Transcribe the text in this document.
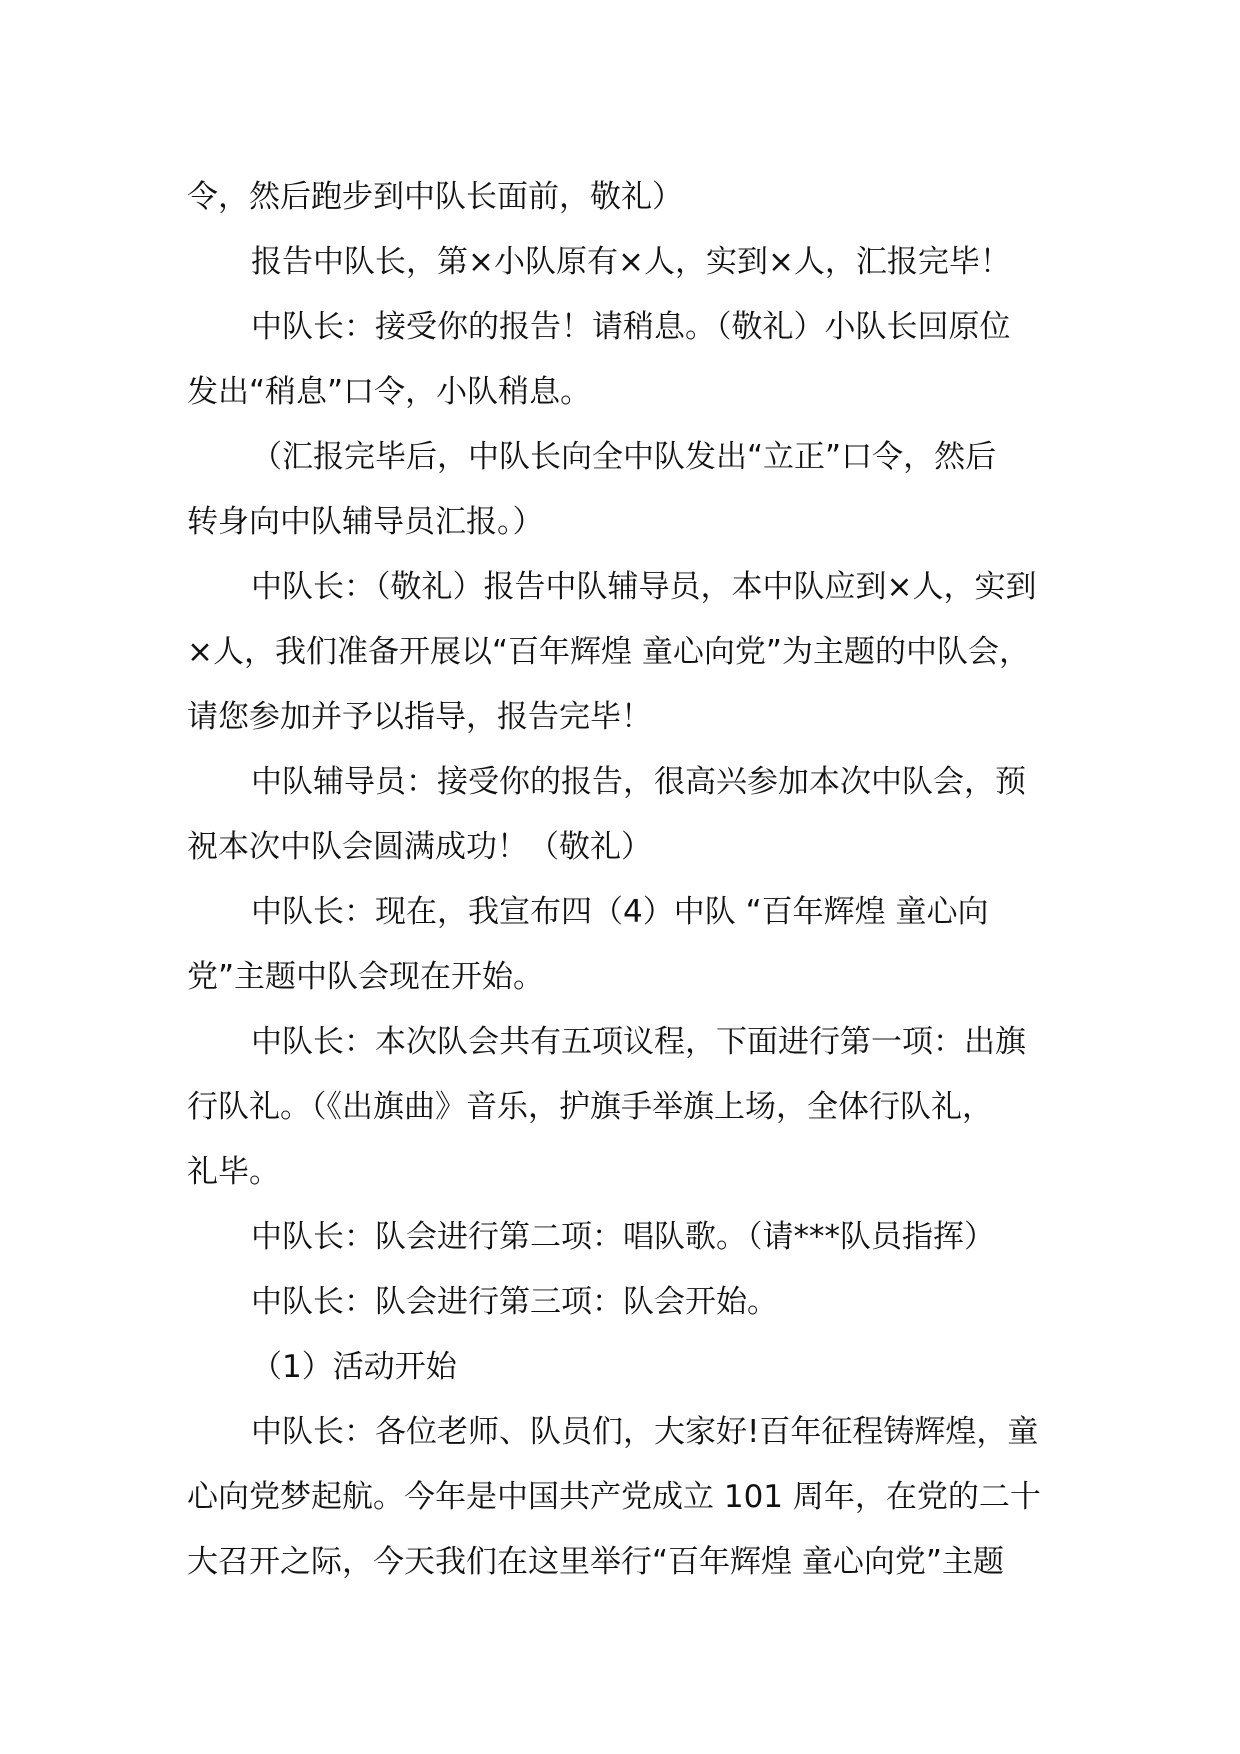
令，然后跑步到中队长面前，敬礼）
报告中队长，第×小队原有×人，实到×人，汇报完毕！
中队长：接受你的报告！请稍息。（敬礼）小队长回原位
发出“稍息”口令，小队稍息。
（汇报完毕后，中队长向全中队发出“立正”口令，然后
转身向中队辅导员汇报。）
中队长：（敬礼）报告中队辅导员，本中队应到×人，实到
×人，我们准备开展以“百年辉煌 童心向党”为主题的中队会，
请您参加并予以指导，报告完毕！
中队辅导员：接受你的报告，很高兴参加本次中队会，预
祝本次中队会圆满成功！（敬礼）
中队长：现在，我宣布四（4）中队 “百年辉煌 童心向
党”主题中队会现在开始。
中队长：本次队会共有五项议程，下面进行第一项：出旗
行队礼。（《出旗曲》音乐，护旗手举旗上场，全体行队礼，
礼毕。
中队长：队会进行第二项：唱队歌。（请***队员指挥）
中队长：队会进行第三项：队会开始。
（1）活动开始
中队长：各位老师、队员们，大家好!百年征程铸辉煌，童
心向党梦起航。今年是中国共产党成立 101 周年，在党的二十
大召开之际，今天我们在这里举行“百年辉煌 童心向党”主题
